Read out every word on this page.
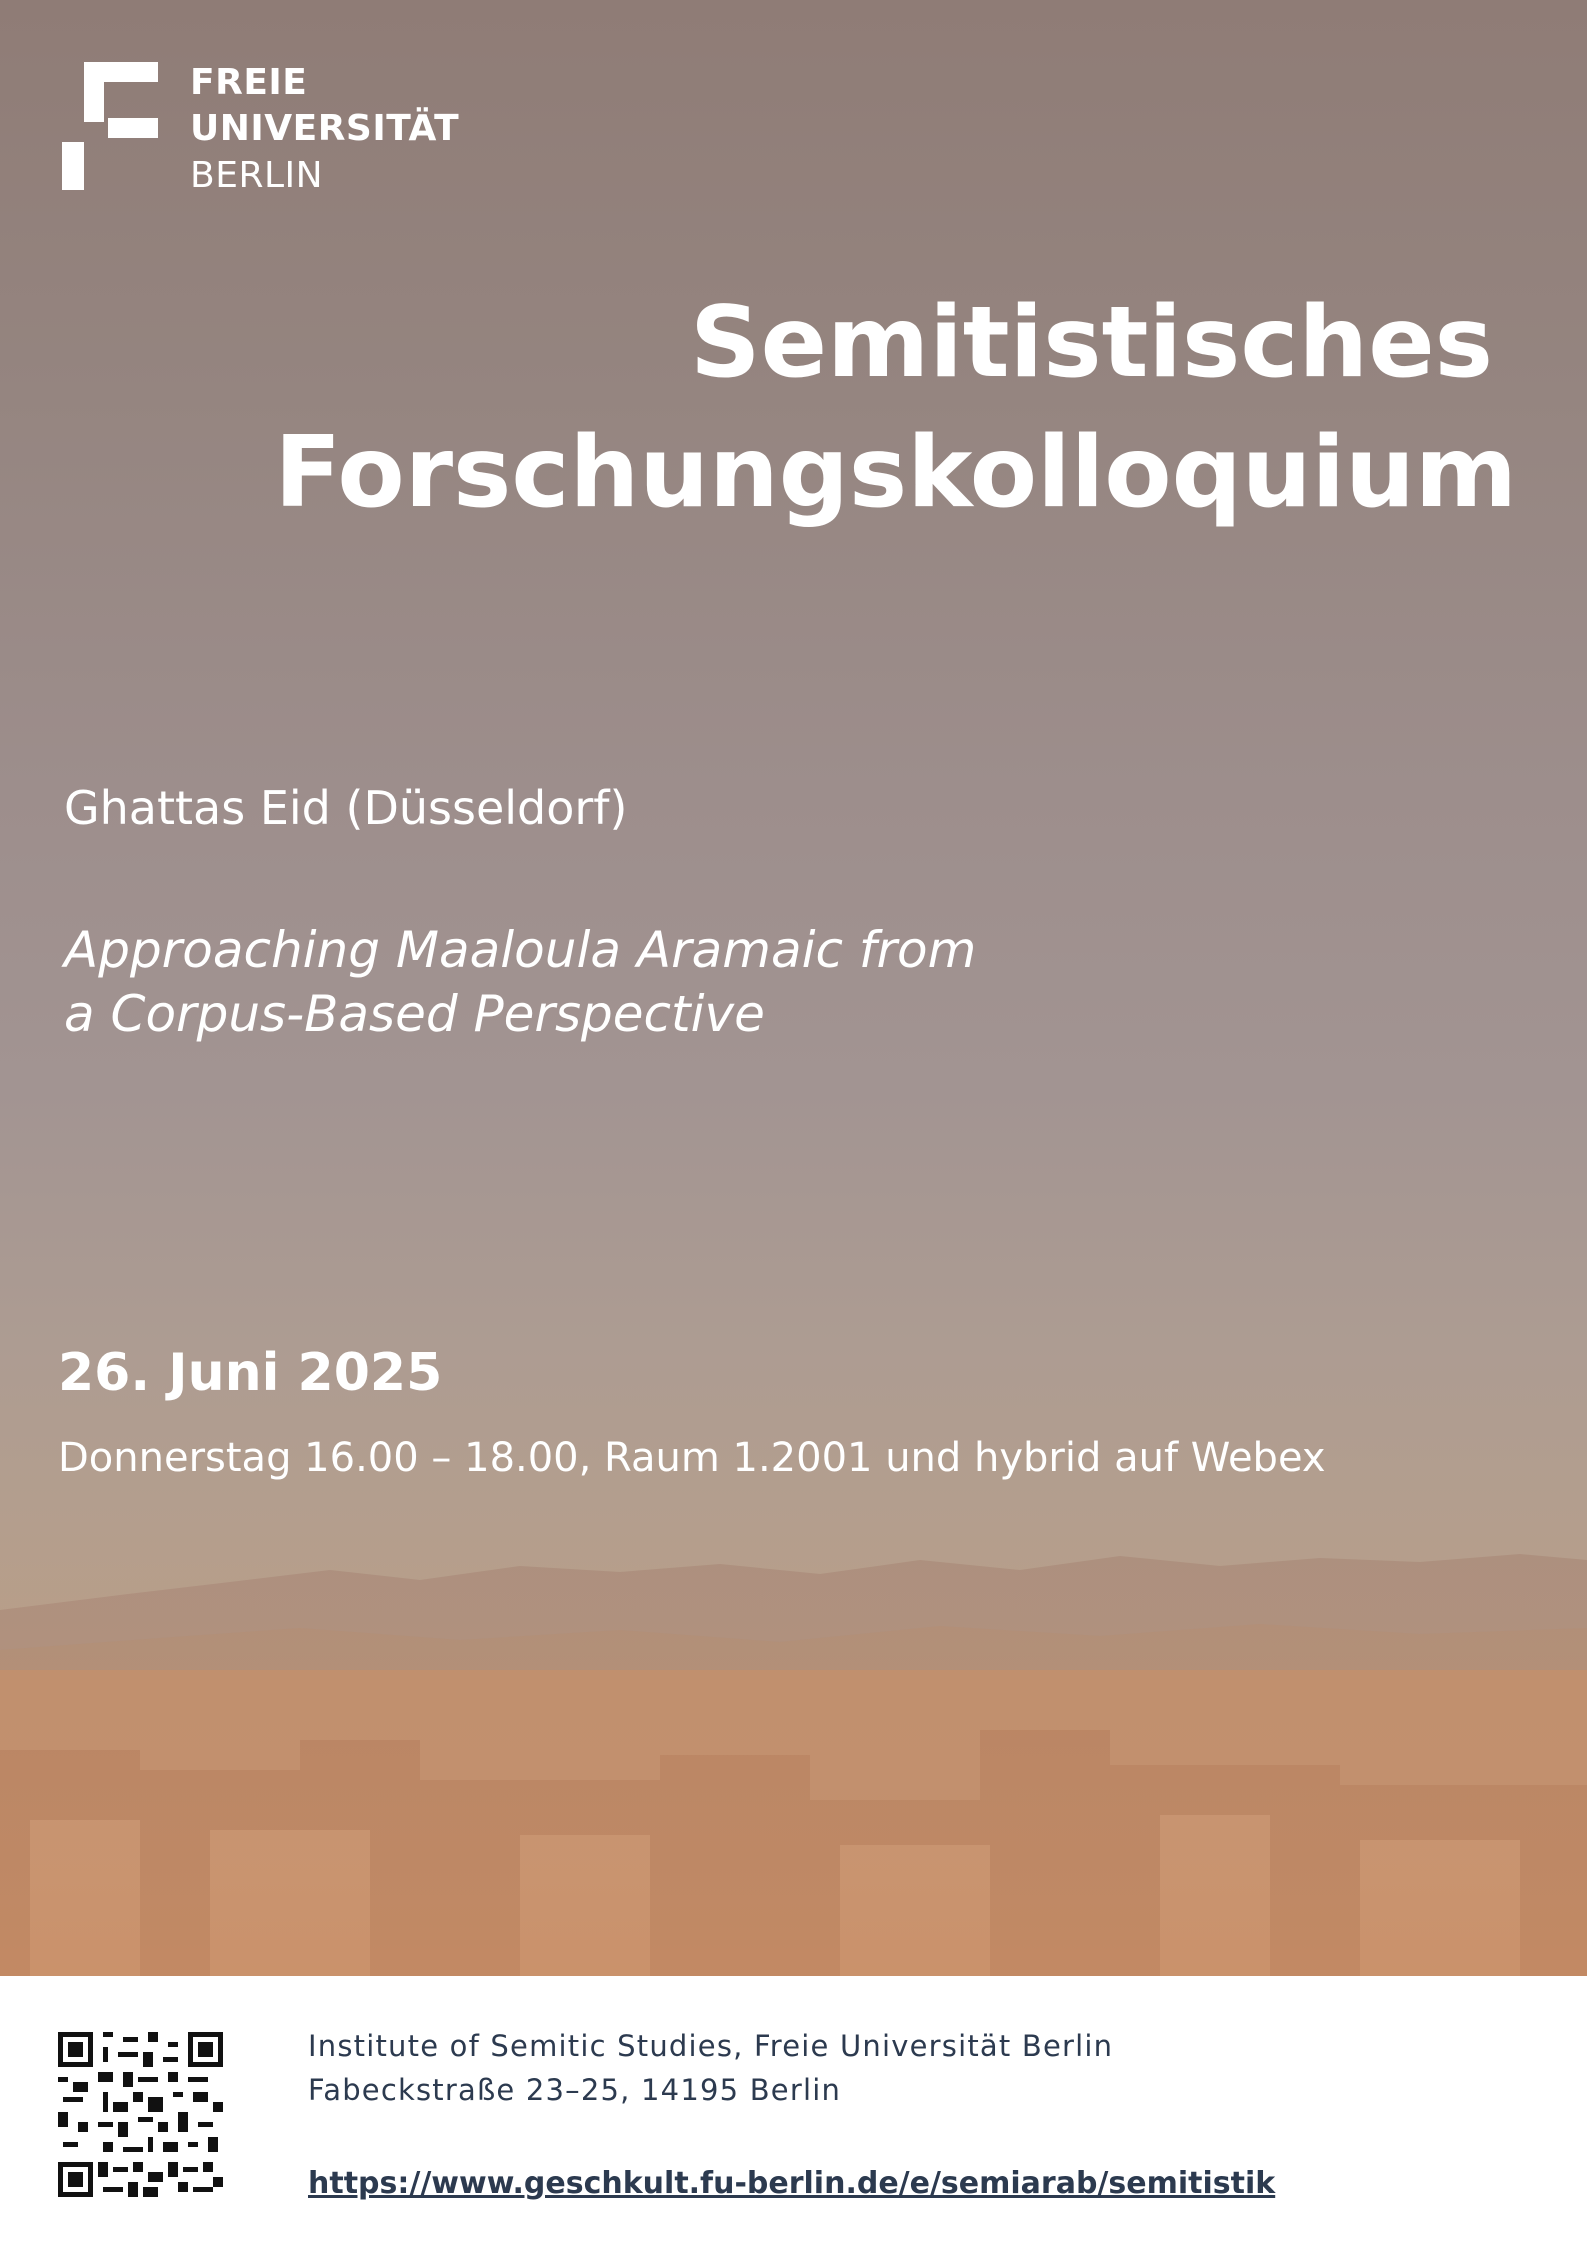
FREIE
UNIVERSITÄT
BERLIN
Semitistisches
Forschungskolloquium

Ghattas Eid (Düsseldorf)

Approaching Maaloula Aramaic from
a Corpus-Based Perspective

26. Juni 2025

Donnerstag 16.00 – 18.00, Raum 1.2001 und hybrid auf Webex

Institute of Semitic Studies, Freie Universität Berlin

Fabeckstraße 23–25, 14195 Berlin

https://www.geschkult.fu-berlin.de/e/semiarab/semitistik
